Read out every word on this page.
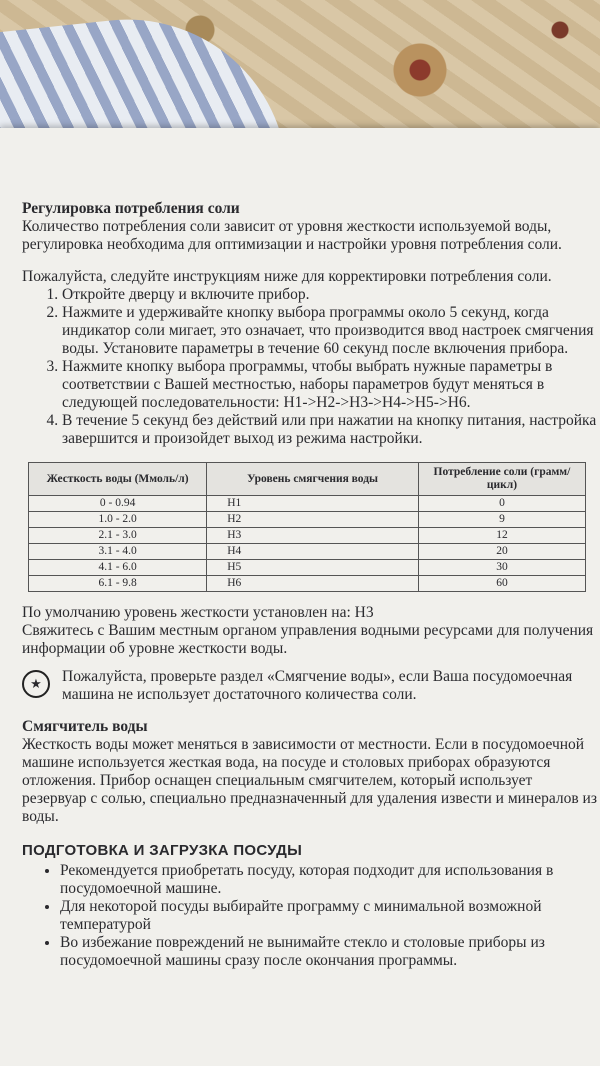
Регулировка потребления соли

Количество потребления соли зависит от уровня жесткости используемой воды, регулировка необходима для оптимизации и настройки уровня потребления соли.

Пожалуйста, следуйте инструкциям ниже для корректировки потребления соли.

1. Откройте дверцу и включите прибор.
2. Нажмите и удерживайте кнопку выбора программы около 5 секунд, когда индикатор соли мигает, это означает, что производится ввод настроек смягчения воды. Установите параметры в течение 60 секунд после включения прибора.
3. Нажмите кнопку выбора программы, чтобы выбрать нужные параметры в соответствии с Вашей местностью, наборы параметров будут меняться в следующей последовательности: H1->H2->H3->H4->H5->H6.
4. В течение 5 секунд без действий или при нажатии на кнопку питания, настройка завершится и произойдет выход из режима настройки.
Жесткость воды (Ммоль/л)	Уровень смягчения воды	Потребление соли (грамм/цикл)
0 - 0.94	H1	0
1.0 - 2.0	H2	9
2.1 - 3.0	H3	12
3.1 - 4.0	H4	20
4.1 - 6.0	H5	30
6.1 - 9.8	H6	60

По умолчанию уровень жесткости установлен на: H3

Свяжитесь с Вашим местным органом управления водными ресурсами для получения информации об уровне жесткости воды.

★	Пожалуйста, проверьте раздел «Смягчение воды», если Ваша посудомоечная машина не использует достаточного количества соли.

Смягчитель воды

Жесткость воды может меняться в зависимости от местности. Если в посудомоечной машине используется жесткая вода, на посуде и столовых приборах образуются отложения. Прибор оснащен специальным смягчителем, который использует резервуар с солью, специально предназначенный для удаления извести и минералов из воды.

ПОДГОТОВКА И ЗАГРУЗКА ПОСУДЫ
• Рекомендуется приобретать посуду, которая подходит для использования в посудомоечной машине.
• Для некоторой посуды выбирайте программу с минимальной возможной температурой
• Во избежание повреждений не вынимайте стекло и столовые приборы из посудомоечной машины сразу после окончания программы.
